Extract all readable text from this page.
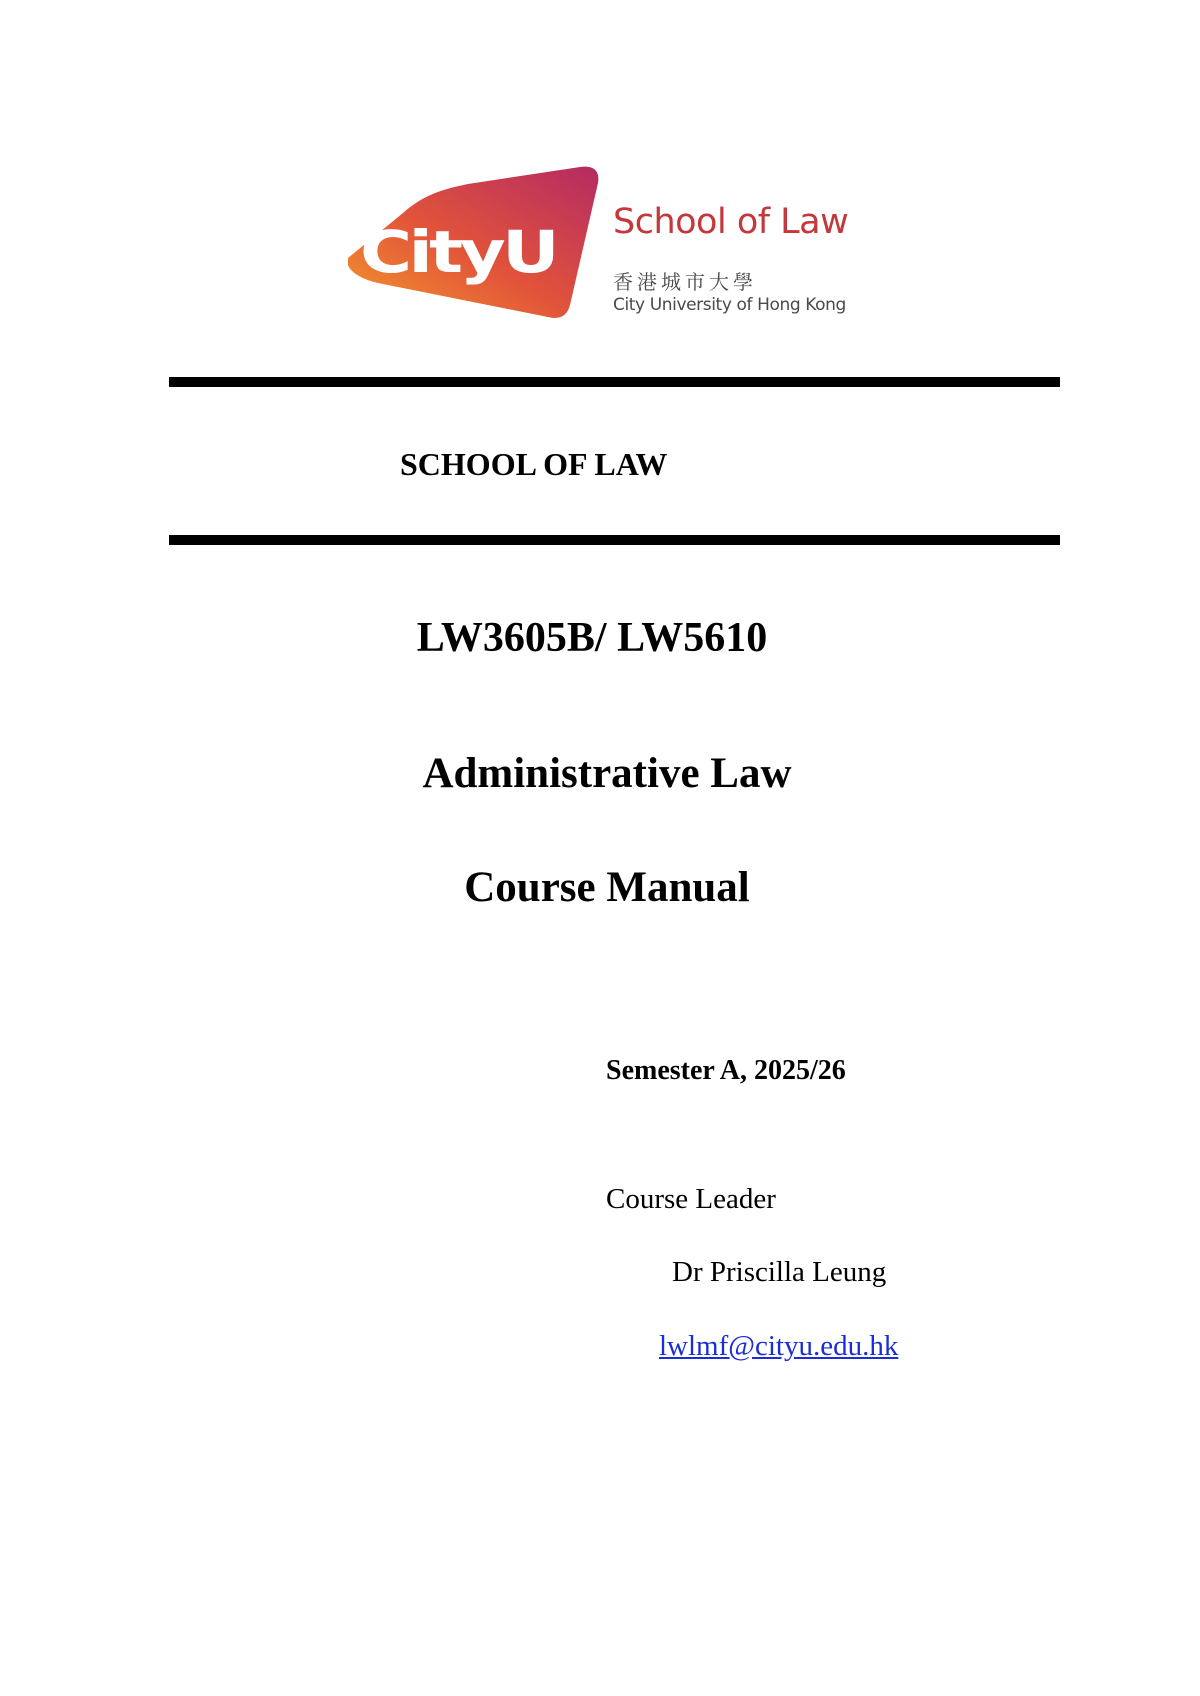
CityU School of Law
香港城市大學
City University of Hong Kong
SCHOOL OF LAW
LW3605B/ LW5610
Administrative Law
Course Manual
Semester A, 2025/26
Course Leader
Dr Priscilla Leung
lwlmf@cityu.edu.hk
